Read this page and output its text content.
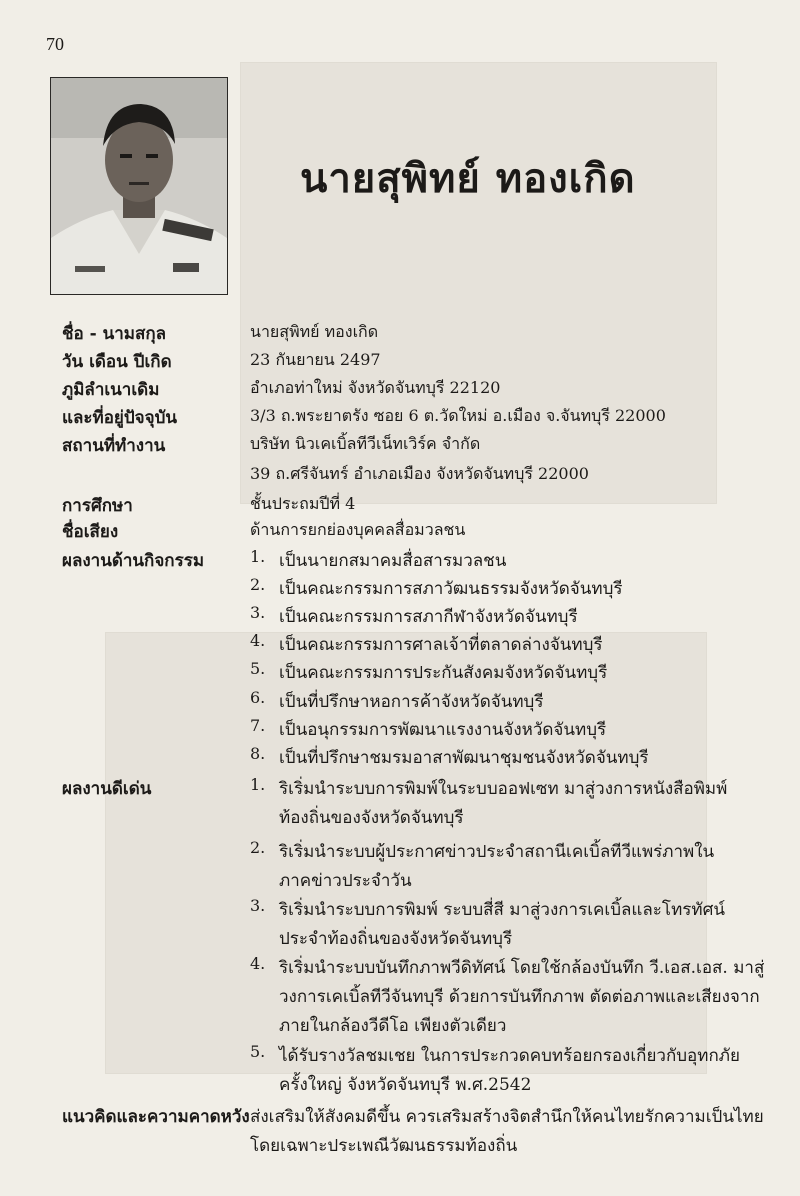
70
นายสุพิทย์ ทองเกิด
ชื่อ - นามสกุล	นายสุพิทย์ ทองเกิด
วัน เดือน ปีเกิด	23 กันยายน 2497
ภูมิลำเนาเดิม	อำเภอท่าใหม่ จังหวัดจันทบุรี 22120
และที่อยู่ปัจจุบัน	3/3 ถ.พระยาตรัง ซอย 6 ต.วัดใหม่ อ.เมือง จ.จันทบุรี 22000
สถานที่ทำงาน	บริษัท นิวเคเบิ้ลทีวีเน็ทเวิร์ค จำกัด
39 ถ.ศรีจันทร์ อำเภอเมือง จังหวัดจันทบุรี 22000
การศึกษา	ชั้นประถมปีที่ 4
ชื่อเสียง	ด้านการยกย่องบุคคลสื่อมวลชน
ผลงานด้านกิจกรรม	1. เป็นนายกสมาคมสื่อสารมวลชน
2. เป็นคณะกรรมการสภาวัฒนธรรมจังหวัดจันทบุรี
3. เป็นคณะกรรมการสภากีฬาจังหวัดจันทบุรี
4. เป็นคณะกรรมการศาลเจ้าที่ตลาดล่างจันทบุรี
5. เป็นคณะกรรมการประกันสังคมจังหวัดจันทบุรี
6. เป็นที่ปรึกษาหอการค้าจังหวัดจันทบุรี
7. เป็นอนุกรรมการพัฒนาแรงงานจังหวัดจันทบุรี
8. เป็นที่ปรึกษาชมรมอาสาพัฒนาชุมชนจังหวัดจันทบุรี
ผลงานดีเด่น	1. ริเริ่มนำระบบการพิมพ์ในระบบออฟเซท มาสู่วงการหนังสือพิมพ์
ท้องถิ่นของจังหวัดจันทบุรี
2. ริเริ่มนำระบบผู้ประกาศข่าวประจำสถานีเคเบิ้ลทีวีแพร่ภาพใน
ภาคข่าวประจำวัน
3. ริเริ่มนำระบบการพิมพ์ ระบบสี่สี มาสู่วงการเคเบิ้ลและโทรทัศน์
ประจำท้องถิ่นของจังหวัดจันทบุรี
4. ริเริ่มนำระบบบันทึกภาพวีดิทัศน์ โดยใช้กล้องบันทึก วี.เอส.เอส. มาสู่
วงการเคเบิ้ลทีวีจันทบุรี ด้วยการบันทึกภาพ ตัดต่อภาพและเสียงจาก
ภายในกล้องวีดีโอ เพียงตัวเดียว
5. ได้รับรางวัลชมเชย ในการประกวดคบทร้อยกรองเกี่ยวกับอุทกภัย
ครั้งใหญ่ จังหวัดจันทบุรี พ.ศ.2542
แนวคิดและความคาดหวัง ส่งเสริมให้สังคมดีขึ้น ควรเสริมสร้างจิตสำนึกให้คนไทยรักความเป็นไทย
โดยเฉพาะประเพณีวัฒนธรรมท้องถิ่น
